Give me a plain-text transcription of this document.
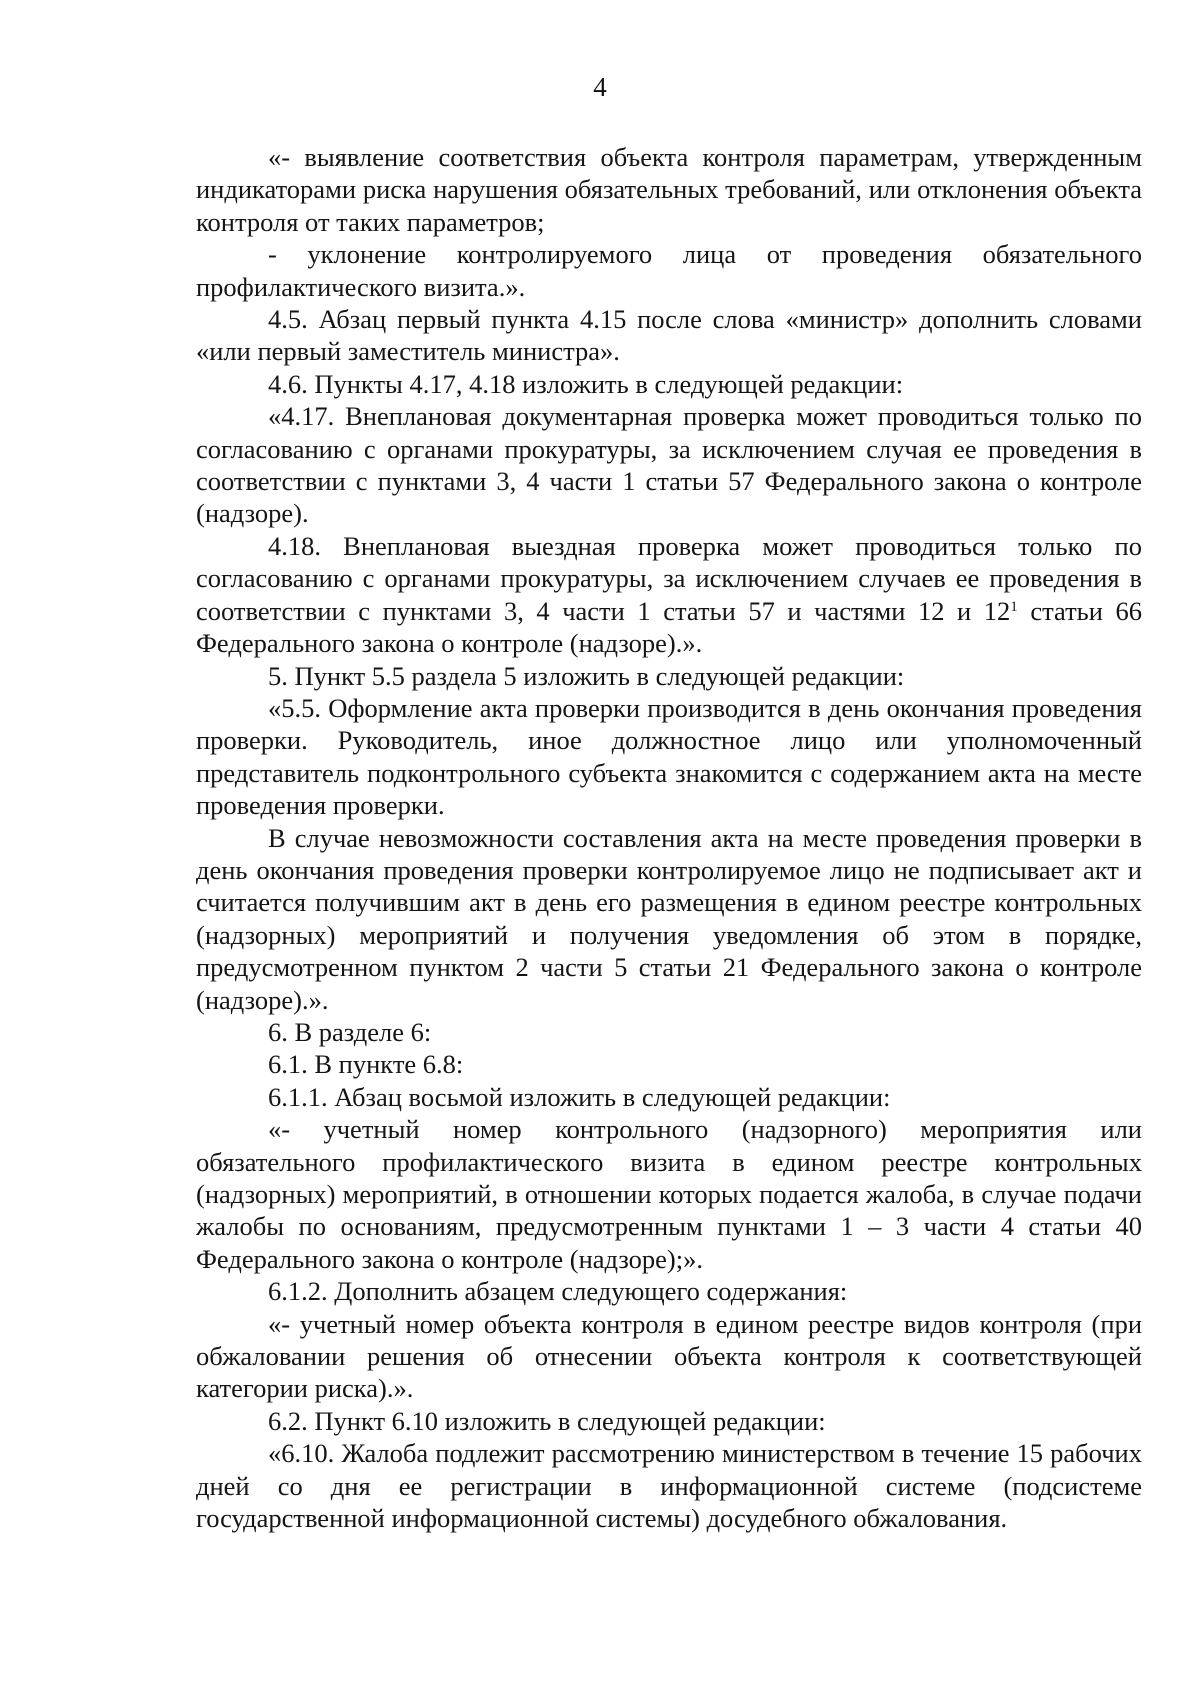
4

«- выявление соответствия объекта контроля параметрам, утвержденным индикаторами риска нарушения обязательных требований, или отклонения объекта контроля от таких параметров;

- уклонение контролируемого лица от проведения обязательного профилактического визита.».

4.5. Абзац первый пункта 4.15 после слова «министр» дополнить словами «или первый заместитель министра».

4.6. Пункты 4.17, 4.18 изложить в следующей редакции:

«4.17. Внеплановая документарная проверка может проводиться только по согласованию с органами прокуратуры, за исключением случая ее проведения в соответствии с пунктами 3, 4 части 1 статьи 57 Федерального закона о контроле (надзоре).

4.18. Внеплановая выездная проверка может проводиться только по согласованию с органами прокуратуры, за исключением случаев ее проведения в соответствии с пунктами 3, 4 части 1 статьи 57 и частями 12 и $12^1$ статьи 66 Федерального закона о контроле (надзоре).».

5. Пункт 5.5 раздела 5 изложить в следующей редакции:

«5.5. Оформление акта проверки производится в день окончания проведения проверки. Руководитель, иное должностное лицо или уполномоченный представитель подконтрольного субъекта знакомится с содержанием акта на месте проведения проверки.

В случае невозможности составления акта на месте проведения проверки в день окончания проведения проверки контролируемое лицо не подписывает акт и считается получившим акт в день его размещения в едином реестре контрольных (надзорных) мероприятий и получения уведомления об этом в порядке, предусмотренном пунктом 2 части 5 статьи 21 Федерального закона о контроле (надзоре).».

6. В разделе 6:

6.1. В пункте 6.8:

6.1.1. Абзац восьмой изложить в следующей редакции:

«- учетный номер контрольного (надзорного) мероприятия или обязательного профилактического визита в едином реестре контрольных (надзорных) мероприятий, в отношении которых подается жалоба, в случае подачи жалобы по основаниям, предусмотренным пунктами 1 – 3 части 4 статьи 40 Федерального закона о контроле (надзоре);».

6.1.2. Дополнить абзацем следующего содержания:

«- учетный номер объекта контроля в едином реестре видов контроля (при обжаловании решения об отнесении объекта контроля к соответствующей категории риска).».

6.2. Пункт 6.10 изложить в следующей редакции:

«6.10. Жалоба подлежит рассмотрению министерством в течение 15 рабочих дней со дня ее регистрации в информационной системе (подсистеме государственной информационной системы) досудебного обжалования.
